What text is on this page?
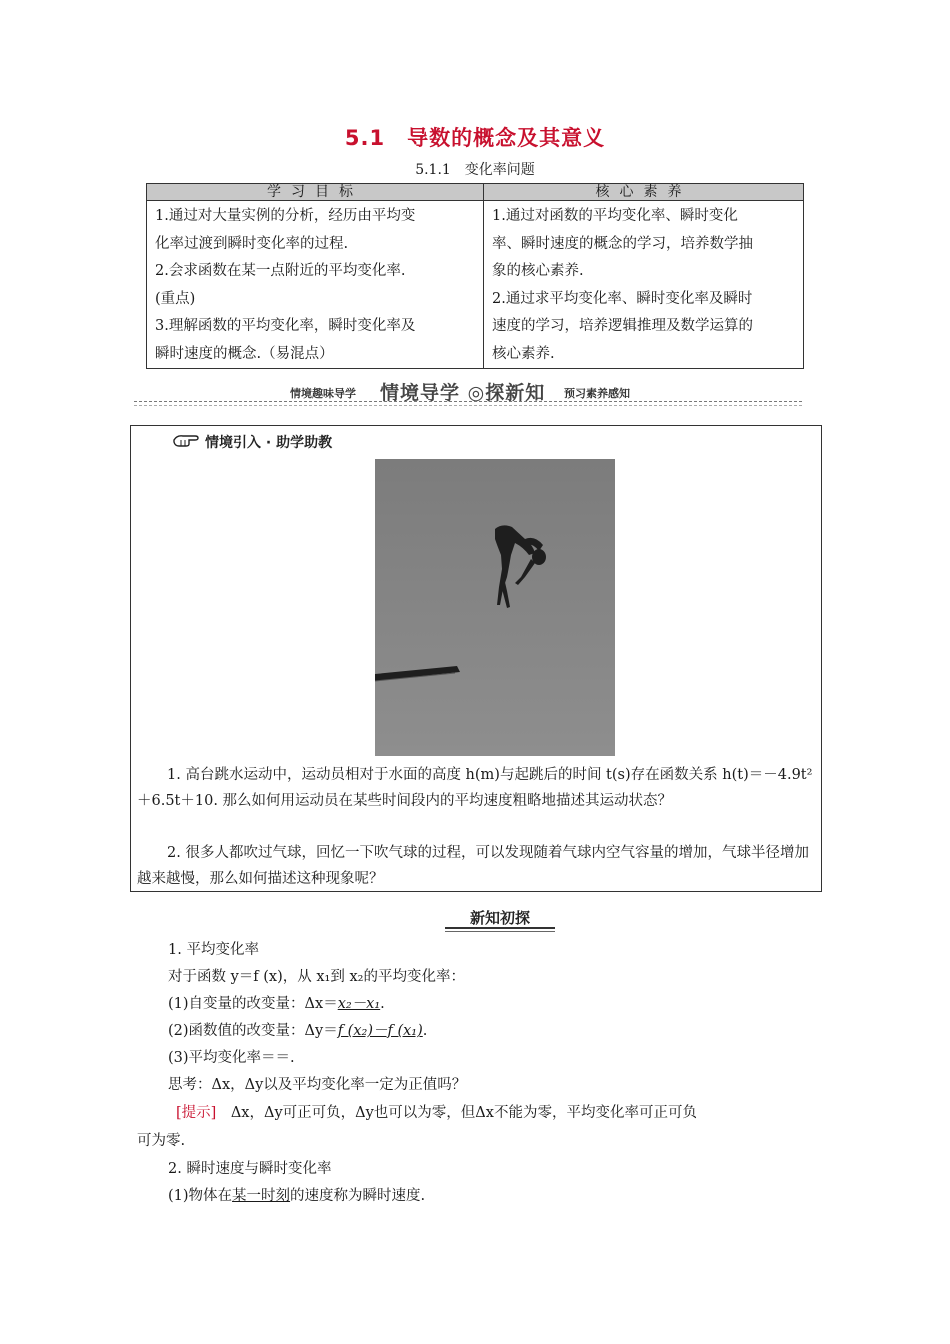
5.1　导数的概念及其意义
5.1.1　变化率问题
学习目标
1.通过对大量实例的分析，经历由平均变
化率过渡到瞬时变化率的过程.
2.会求函数在某一点附近的平均变化率.
(重点)
3.理解函数的平均变化率，瞬时变化率及
瞬时速度的概念.（易混点）
核心素养
1.通过对函数的平均变化率、瞬时变化
率、瞬时速度的概念的学习，培养数学抽
象的核心素养.
2.通过求平均变化率、瞬时变化率及瞬时
速度的学习，培养逻辑推理及数学运算的
核心素养.
情境趣味导学 情境导学 ◎探新知 预习素养感知
情境引入 · 助学助教
1. 高台跳水运动中，运动员相对于水面的高度 h(m)与起跳后的时间 t(s)存在函数关系 h(t)＝－4.9t²＋6.5t＋10. 那么如何用运动员在某些时间段内的平均速度粗略地描述其运动状态？
2. 很多人都吹过气球，回忆一下吹气球的过程，可以发现随着气球内空气容量的增加，气球半径增加越来越慢，那么如何描述这种现象呢？
新知初探
1. 平均变化率
对于函数 y＝f (x)，从 x₁到 x₂的平均变化率：
(1)自变量的改变量：Δx＝x₂－x₁.
(2)函数值的改变量：Δy＝f (x₂)－f (x₁).
(3)平均变化率＝＝.
思考：Δx，Δy以及平均变化率一定为正值吗？
[提示]　Δx，Δy可正可负，Δy也可以为零，但Δx不能为零，平均变化率可正可负
可为零.
2. 瞬时速度与瞬时变化率
(1)物体在某一时刻的速度称为瞬时速度.
